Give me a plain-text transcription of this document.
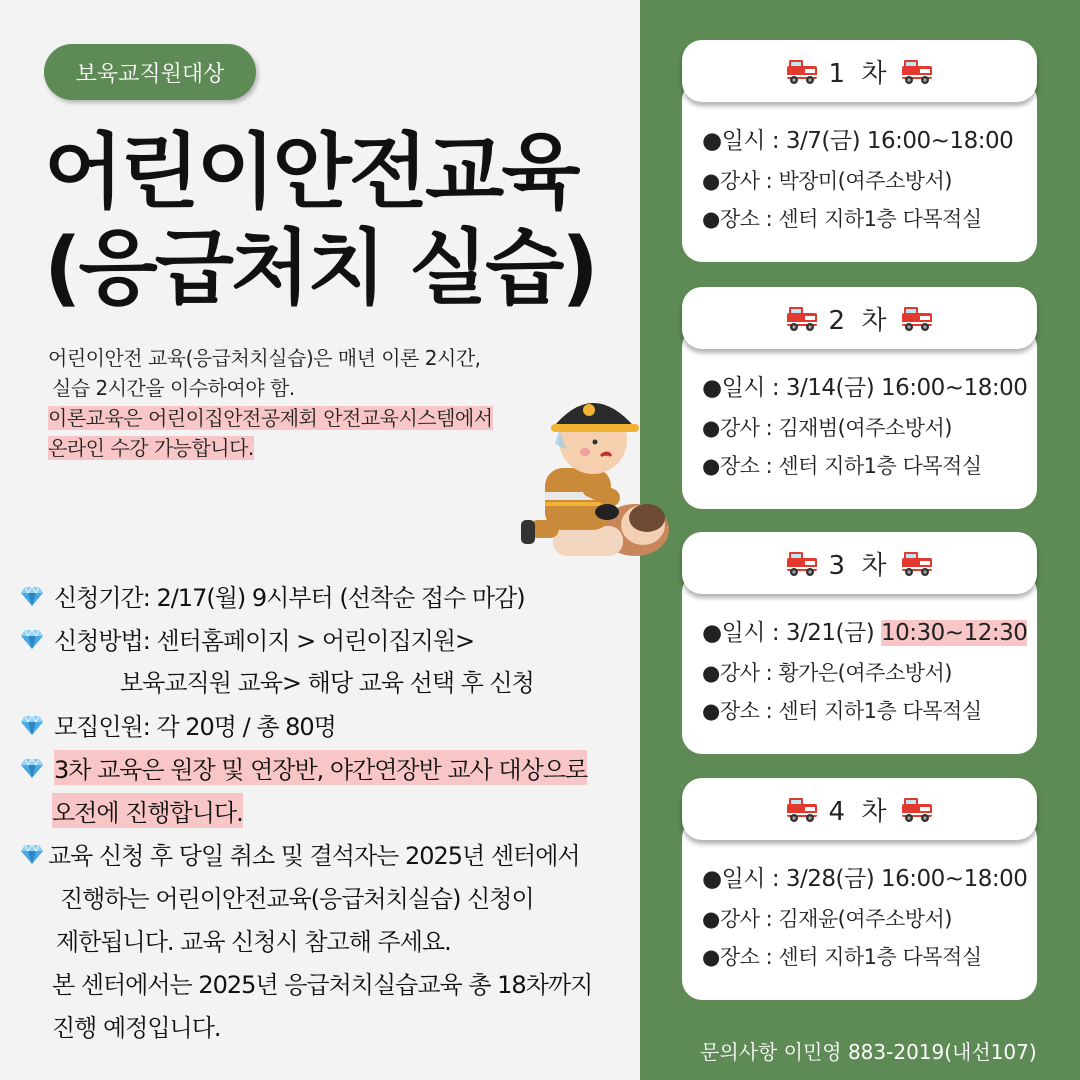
보육교직원대상
어린이안전교육
(응급처치 실습)
어린이안전 교육(응급처치실습)은 매년 이론 2시간,
실습 2시간을 이수하여야 함.
이론교육은 어린이집안전공제회 안전교육시스템에서
온라인 수강 가능합니다.
신청기간: 2/17(월) 9시부터 (선착순 접수 마감)
신청방법: 센터홈페이지 > 어린이집지원>
보육교직원 교육> 해당 교육 선택 후 신청
모집인원: 각 20명 / 총 80명
3차 교육은 원장 및 연장반, 야간연장반 교사 대상으로
오전에 진행합니다.
교육 신청 후 당일 취소 및 결석자는 2025년 센터에서
진행하는 어린이안전교육(응급처치실습) 신청이
제한됩니다. 교육 신청시 참고해 주세요.
본 센터에서는 2025년 응급처치실습교육 총 18차까지
진행 예정입니다.
1 차
●일시 : 3/7(금) 16:00~18:00
●강사 : 박장미(여주소방서)
●장소 : 센터 지하1층 다목적실
2 차
●일시 : 3/14(금) 16:00~18:00
●강사 : 김재범(여주소방서)
●장소 : 센터 지하1층 다목적실
3 차
●일시 : 3/21(금) 10:30~12:30
●강사 : 황가은(여주소방서)
●장소 : 센터 지하1층 다목적실
4 차
●일시 : 3/28(금) 16:00~18:00
●강사 : 김재윤(여주소방서)
●장소 : 센터 지하1층 다목적실
문의사항 이민영 883-2019(내선107)
